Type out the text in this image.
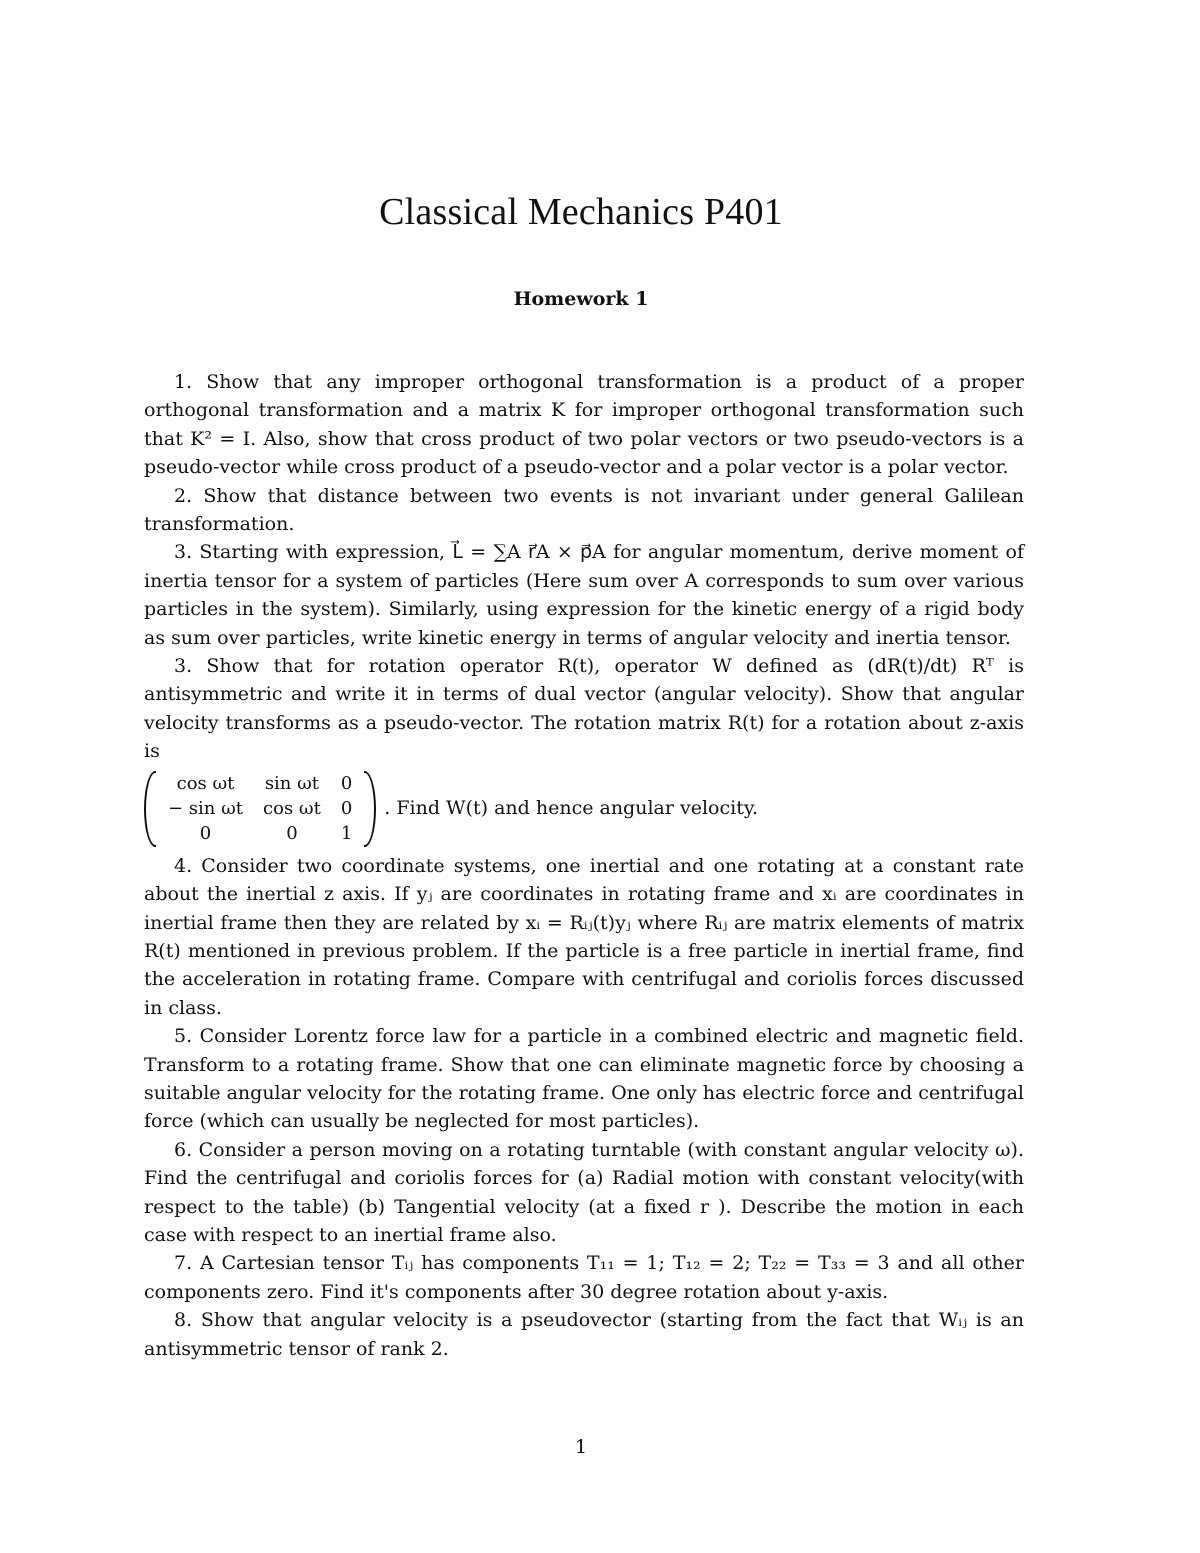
Classical Mechanics P401
Homework 1

1. Show that any improper orthogonal transformation is a product of a proper orthogonal transformation and a matrix K for improper orthogonal transformation such that K² = I. Also, show that cross product of two polar vectors or two pseudo-vectors is a pseudo-vector while cross product of a pseudo-vector and a polar vector is a polar vector.

2. Show that distance between two events is not invariant under general Galilean transformation.

3. Starting with expression, L⃗ = ∑A r⃗A × p⃗A for angular momentum, derive moment of inertia tensor for a system of particles (Here sum over A corresponds to sum over various particles in the system). Similarly, using expression for the kinetic energy of a rigid body as sum over particles, write kinetic energy in terms of angular velocity and inertia tensor.

3. Show that for rotation operator R(t), operator W defined as (dR(t)/dt) Rᵀ is antisymmetric and write it in terms of dual vector (angular velocity). Show that angular velocity transforms as a pseudo-vector. The rotation matrix R(t) for a rotation about z-axis is

cos ωt	sin ωt	0
− sin ωt	cos ωt	0
0	0	1
. Find W(t) and hence angular velocity.

4. Consider two coordinate systems, one inertial and one rotating at a constant rate about the inertial z axis. If yⱼ are coordinates in rotating frame and xᵢ are coordinates in inertial frame then they are related by xᵢ = Rᵢⱼ(t)yⱼ where Rᵢⱼ are matrix elements of matrix R(t) mentioned in previous problem. If the particle is a free particle in inertial frame, find the acceleration in rotating frame. Compare with centrifugal and coriolis forces discussed in class.

5. Consider Lorentz force law for a particle in a combined electric and magnetic field. Transform to a rotating frame. Show that one can eliminate magnetic force by choosing a suitable angular velocity for the rotating frame. One only has electric force and centrifugal force (which can usually be neglected for most particles).

6. Consider a person moving on a rotating turntable (with constant angular velocity ω). Find the centrifugal and coriolis forces for (a) Radial motion with constant velocity(with respect to the table) (b) Tangential velocity (at a fixed r ). Describe the motion in each case with respect to an inertial frame also.

7. A Cartesian tensor Tᵢⱼ has components T₁₁ = 1; T₁₂ = 2; T₂₂ = T₃₃ = 3 and all other components zero. Find it's components after 30 degree rotation about y-axis.

8. Show that angular velocity is a pseudovector (starting from the fact that Wᵢⱼ is an antisymmetric tensor of rank 2.

1
